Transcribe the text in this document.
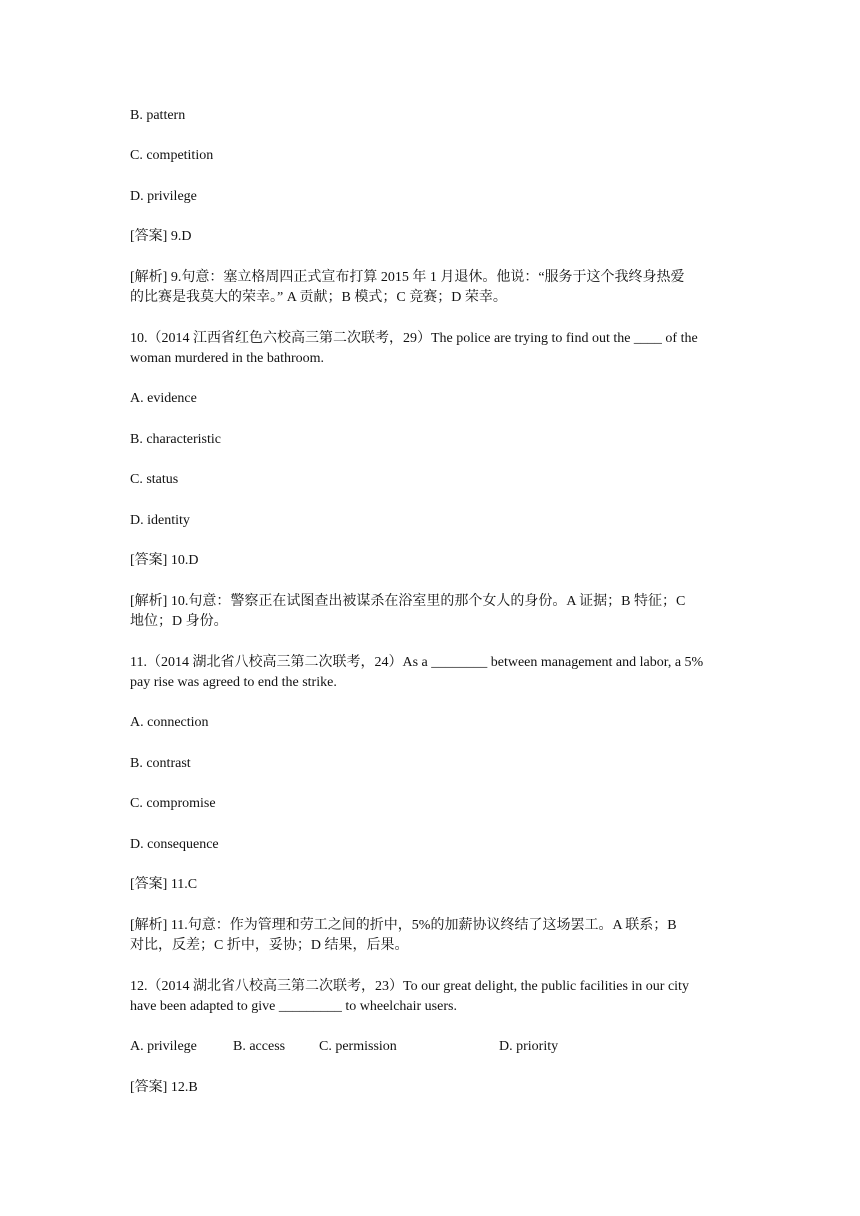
B. pattern

C. competition

D. privilege

[答案] 9.D

[解析] 9.句意：塞立格周四正式宣布打算 2015 年 1 月退休。他说：“服务于这个我终身热爱

的比赛是我莫大的荣幸。” A 贡献；B 模式；C 竞赛；D 荣幸。

10.（2014 江西省红色六校高三第二次联考，29）The police are trying to find out the ____ of the

woman murdered in the bathroom.

A. evidence

B. characteristic

C. status

D. identity

[答案] 10.D

[解析] 10.句意：警察正在试图查出被谋杀在浴室里的那个女人的身份。A 证据；B 特征；C

地位；D 身份。

11.（2014 湖北省八校高三第二次联考，24）As a ________ between management and labor, a 5%

pay rise was agreed to end the strike.

A. connection

B. contrast

C. compromise

D. consequence

[答案] 11.C

[解析] 11.句意：作为管理和劳工之间的折中，5%的加薪协议终结了这场罢工。A 联系；B

对比，反差；C 折中，妥协；D 结果，后果。

12.（2014 湖北省八校高三第二次联考，23）To our great delight, the public facilities in our city

have been adapted to give _________ to wheelchair users.

A. privilege	B. access	C. permission	D. priority

[答案] 12.B
